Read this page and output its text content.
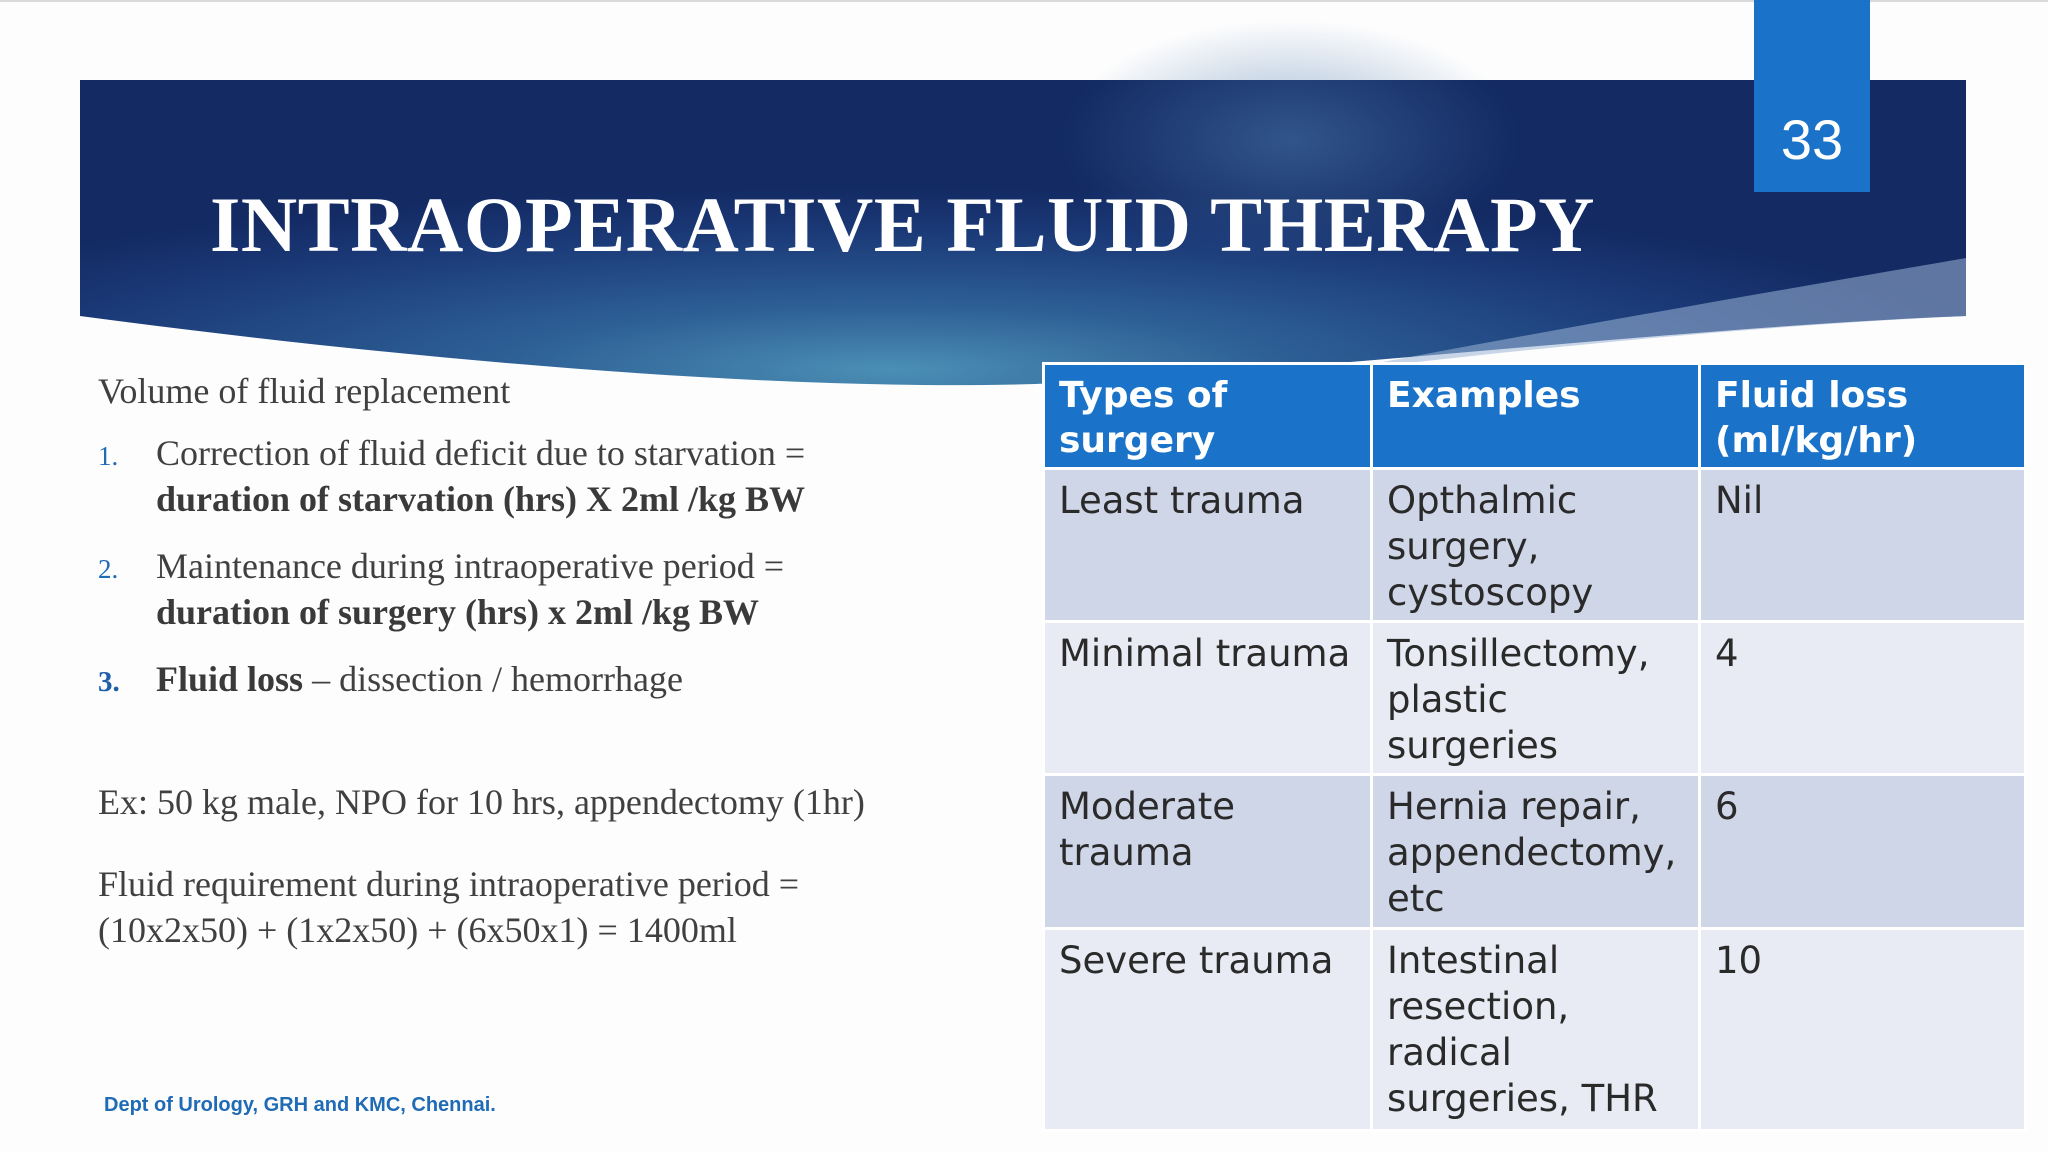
INTRAOPERATIVE FLUID THERAPY
33

Volume of fluid replacement

1. Correction of fluid deficit due to starvation =
duration of starvation (hrs) X 2ml /kg BW
2. Maintenance during intraoperative period =
duration of surgery (hrs) x 2ml /kg BW
3. Fluid loss – dissection / hemorrhage

Ex: 50 kg male, NPO for 10 hrs, appendectomy (1hr)

Fluid requirement during intraoperative period =
(10x2x50) + (1x2x50) + (6x50x1) = 1400ml

Types of surgery	Examples	Fluid loss (ml/kg/hr)
Least trauma	Opthalmic surgery, cystoscopy	Nil
Minimal trauma	Tonsillectomy, plastic surgeries	4
Moderate trauma	Hernia repair, appendectomy, etc	6
Severe trauma	Intestinal resection, radical surgeries, THR	10
Dept of Urology, GRH and KMC, Chennai.
